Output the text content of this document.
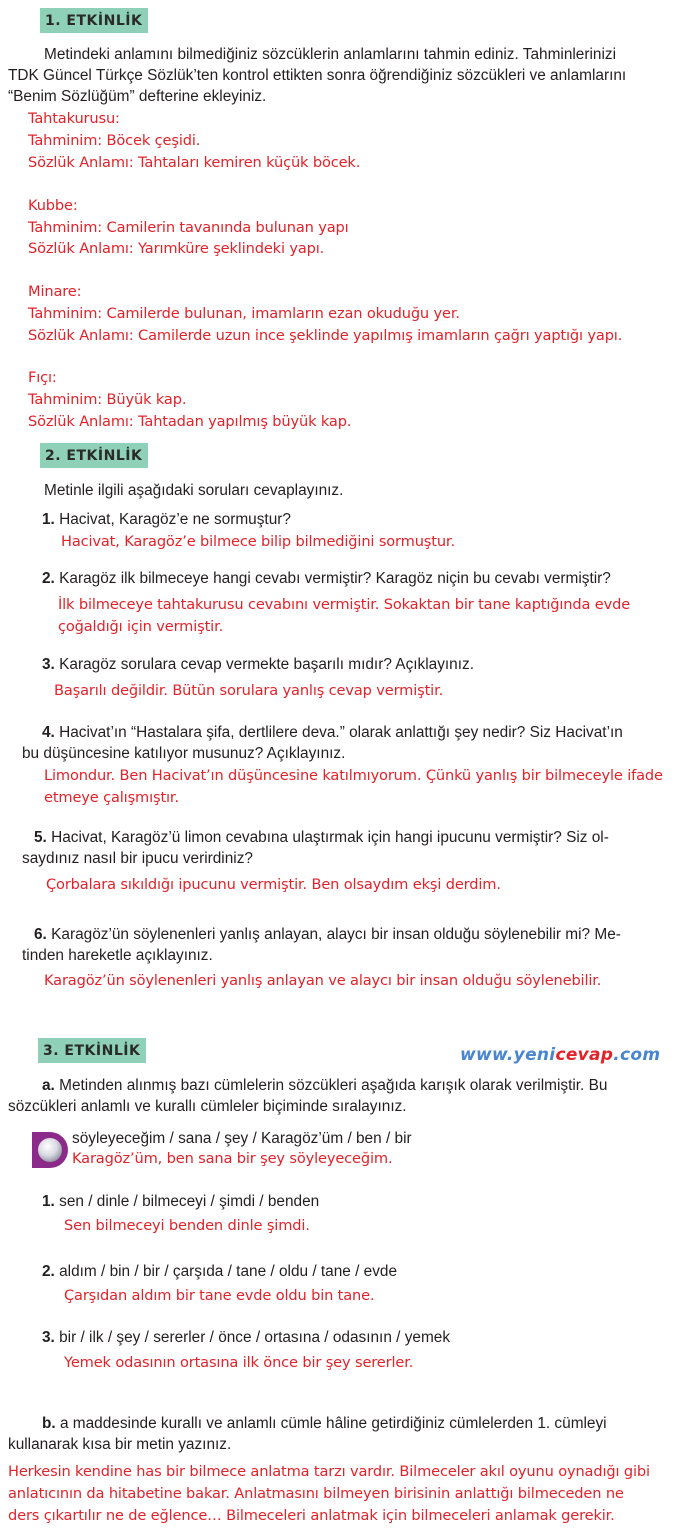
1. ETKİNLİK
Metindeki anlamını bilmediğiniz sözcüklerin anlamlarını tahmin ediniz. Tahminlerinizi
TDK Güncel Türkçe Sözlük’ten kontrol ettikten sonra öğrendiğiniz sözcükleri ve anlamlarını
“Benim Sözlüğüm” defterine ekleyiniz.
Tahtakurusu:
Tahminim: Böcek çeşidi.
Sözlük Anlamı: Tahtaları kemiren küçük böcek.
Kubbe:
Tahminim: Camilerin tavanında bulunan yapı
Sözlük Anlamı: Yarımküre şeklindeki yapı.
Minare:
Tahminim: Camilerde bulunan, imamların ezan okuduğu yer.
Sözlük Anlamı: Camilerde uzun ince şeklinde yapılmış imamların çağrı yaptığı yapı.
Fıçı:
Tahminim: Büyük kap.
Sözlük Anlamı: Tahtadan yapılmış büyük kap.
2. ETKİNLİK
Metinle ilgili aşağıdaki soruları cevaplayınız.
1. Hacivat, Karagöz’e ne sormuştur?
Hacivat, Karagöz’e bilmece bilip bilmediğini sormuştur.
2. Karagöz ilk bilmeceye hangi cevabı vermiştir? Karagöz niçin bu cevabı vermiştir?
İlk bilmeceye tahtakurusu cevabını vermiştir. Sokaktan bir tane kaptığında evde
çoğaldığı için vermiştir.
3. Karagöz sorulara cevap vermekte başarılı mıdır? Açıklayınız.
Başarılı değildir. Bütün sorulara yanlış cevap vermiştir.
4. Hacivat’ın “Hastalara şifa, dertlilere deva.” olarak anlattığı şey nedir? Siz Hacivat’ın
bu düşüncesine katılıyor musunuz? Açıklayınız.
Limondur. Ben Hacivat’ın düşüncesine katılmıyorum. Çünkü yanlış bir bilmeceyle ifade
etmeye çalışmıştır.
5. Hacivat, Karagöz’ü limon cevabına ulaştırmak için hangi ipucunu vermiştir? Siz ol-
saydınız nasıl bir ipucu verirdiniz?
Çorbalara sıkıldığı ipucunu vermiştir. Ben olsaydım ekşi derdim.
6. Karagöz’ün söylenenleri yanlış anlayan, alaycı bir insan olduğu söylenebilir mi? Me-
tinden hareketle açıklayınız.
Karagöz’ün söylenenleri yanlış anlayan ve alaycı bir insan olduğu söylenebilir.
3. ETKİNLİK	www.yenicevap.com
a. Metinden alınmış bazı cümlelerin sözcükleri aşağıda karışık olarak verilmiştir. Bu
sözcükleri anlamlı ve kurallı cümleler biçiminde sıralayınız.
söyleyeceğim / sana / şey / Karagöz’üm / ben / bir
Karagöz’üm, ben sana bir şey söyleyeceğim.
1. sen / dinle / bilmeceyi / şimdi / benden
Sen bilmeceyi benden dinle şimdi.
2. aldım / bin / bir / çarşıda / tane / oldu / tane / evde
Çarşıdan aldım bir tane evde oldu bin tane.
3. bir / ilk / şey / sererler / önce / ortasına / odasının / yemek
Yemek odasının ortasına ilk önce bir şey sererler.
b. a maddesinde kurallı ve anlamlı cümle hâline getirdiğiniz cümlelerden 1. cümleyi
kullanarak kısa bir metin yazınız.
Herkesin kendine has bir bilmece anlatma tarzı vardır. Bilmeceler akıl oyunu oynadığı gibi
anlatıcının da hitabetine bakar. Anlatmasını bilmeyen birisinin anlattığı bilmeceden ne
ders çıkartılır ne de eğlence… Bilmeceleri anlatmak için bilmeceleri anlamak gerekir.
